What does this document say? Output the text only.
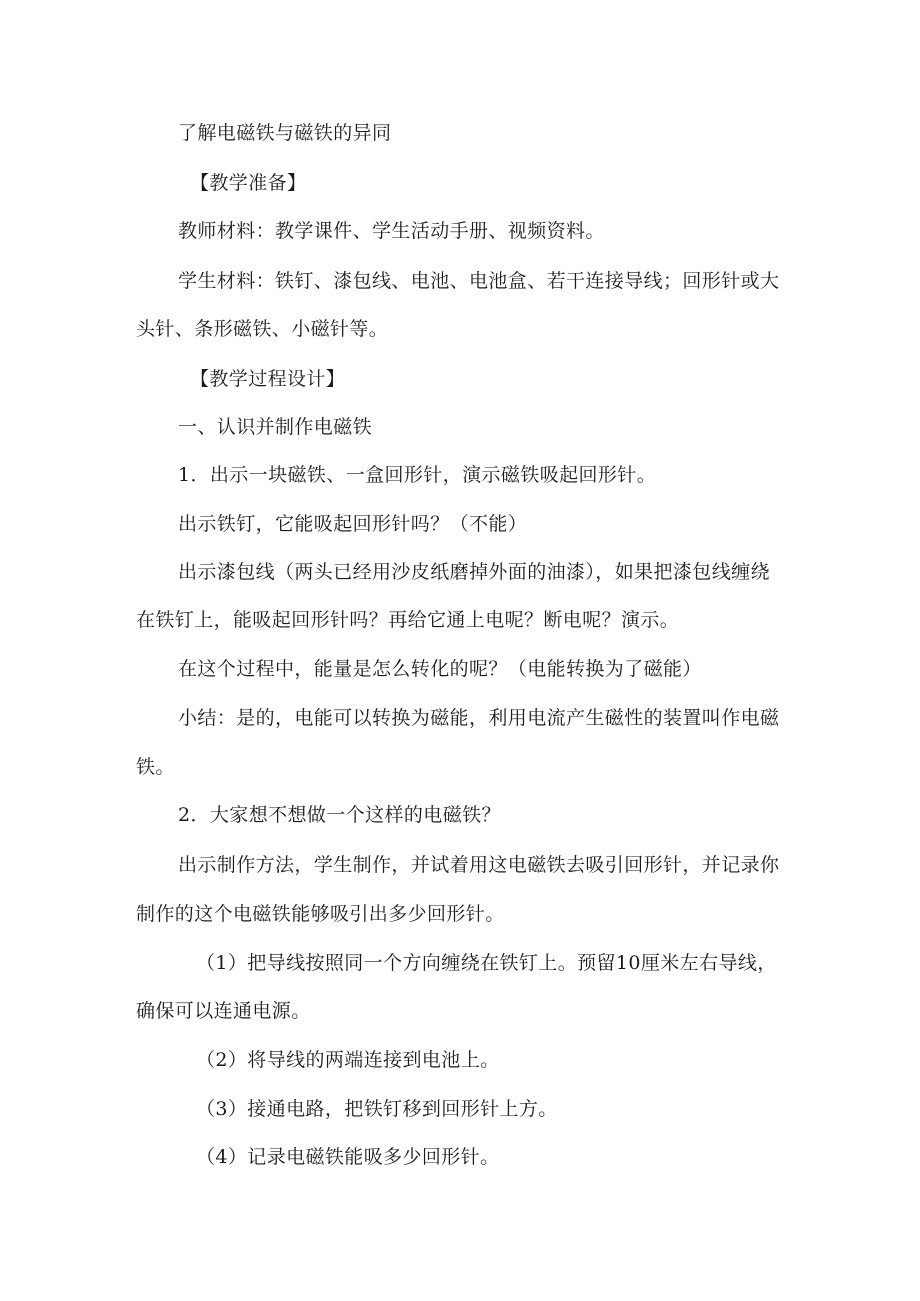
了解电磁铁与磁铁的异同
【教学准备】
教师材料：教学课件、学生活动手册、视频资料。
学生材料：铁钉、漆包线、电池、电池盒、若干连接导线；回形针或大
头针、条形磁铁、小磁针等。
【教学过程设计】
一、认识并制作电磁铁
1．出示一块磁铁、一盒回形针，演示磁铁吸起回形针。
出示铁钉，它能吸起回形针吗？（不能）
出示漆包线（两头已经用沙皮纸磨掉外面的油漆），如果把漆包线缠绕
在铁钉上，能吸起回形针吗？再给它通上电呢？断电呢？演示。
在这个过程中，能量是怎么转化的呢？（电能转换为了磁能）
小结：是的，电能可以转换为磁能，利用电流产生磁性的装置叫作电磁
铁。
2．大家想不想做一个这样的电磁铁？
出示制作方法，学生制作，并试着用这电磁铁去吸引回形针，并记录你
制作的这个电磁铁能够吸引出多少回形针。
（1）把导线按照同一个方向缠绕在铁钉上。预留10厘米左右导线，
确保可以连通电源。
（2）将导线的两端连接到电池上。
（3）接通电路，把铁钉移到回形针上方。
（4）记录电磁铁能吸多少回形针。
